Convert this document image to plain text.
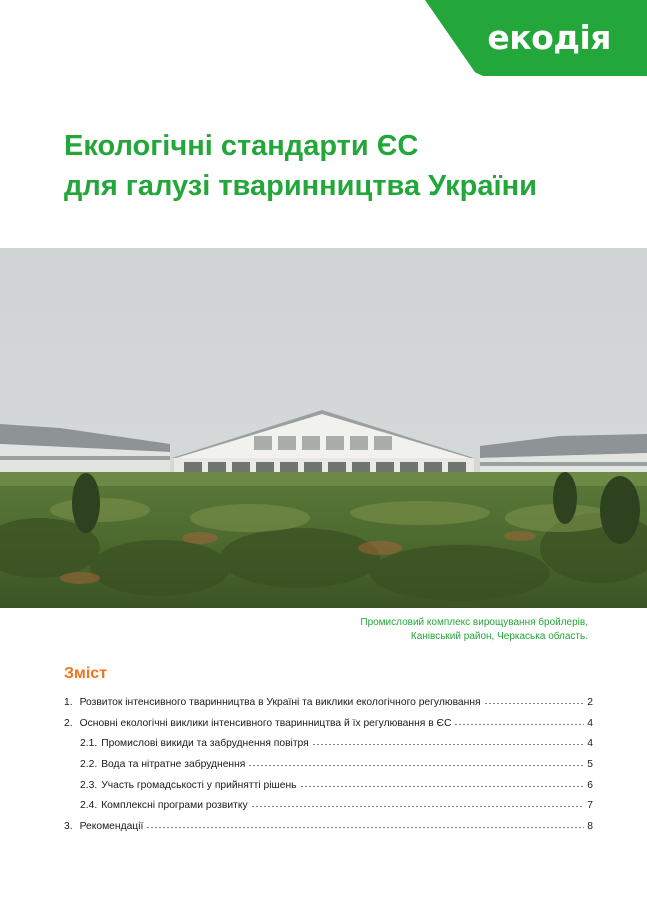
екодія
Екологічні стандарти ЄС
для галузі тваринництва України
Промисловий комплекс вирощування бройлерів,
Канівський район, Черкаська область.
Зміст
1. Розвиток інтенсивного тваринництва в Україні та виклики екологічного регулювання	2
2. Основні екологічні виклики інтенсивного тваринництва й їх регулювання в ЄС	4
2.1. Промислові викиди та забруднення повітря	4
2.2. Вода та нітратне забруднення	5
2.3. Участь громадськості у прийнятті рішень	6
2.4. Комплексні програми розвитку	7
3. Рекомендації	8
